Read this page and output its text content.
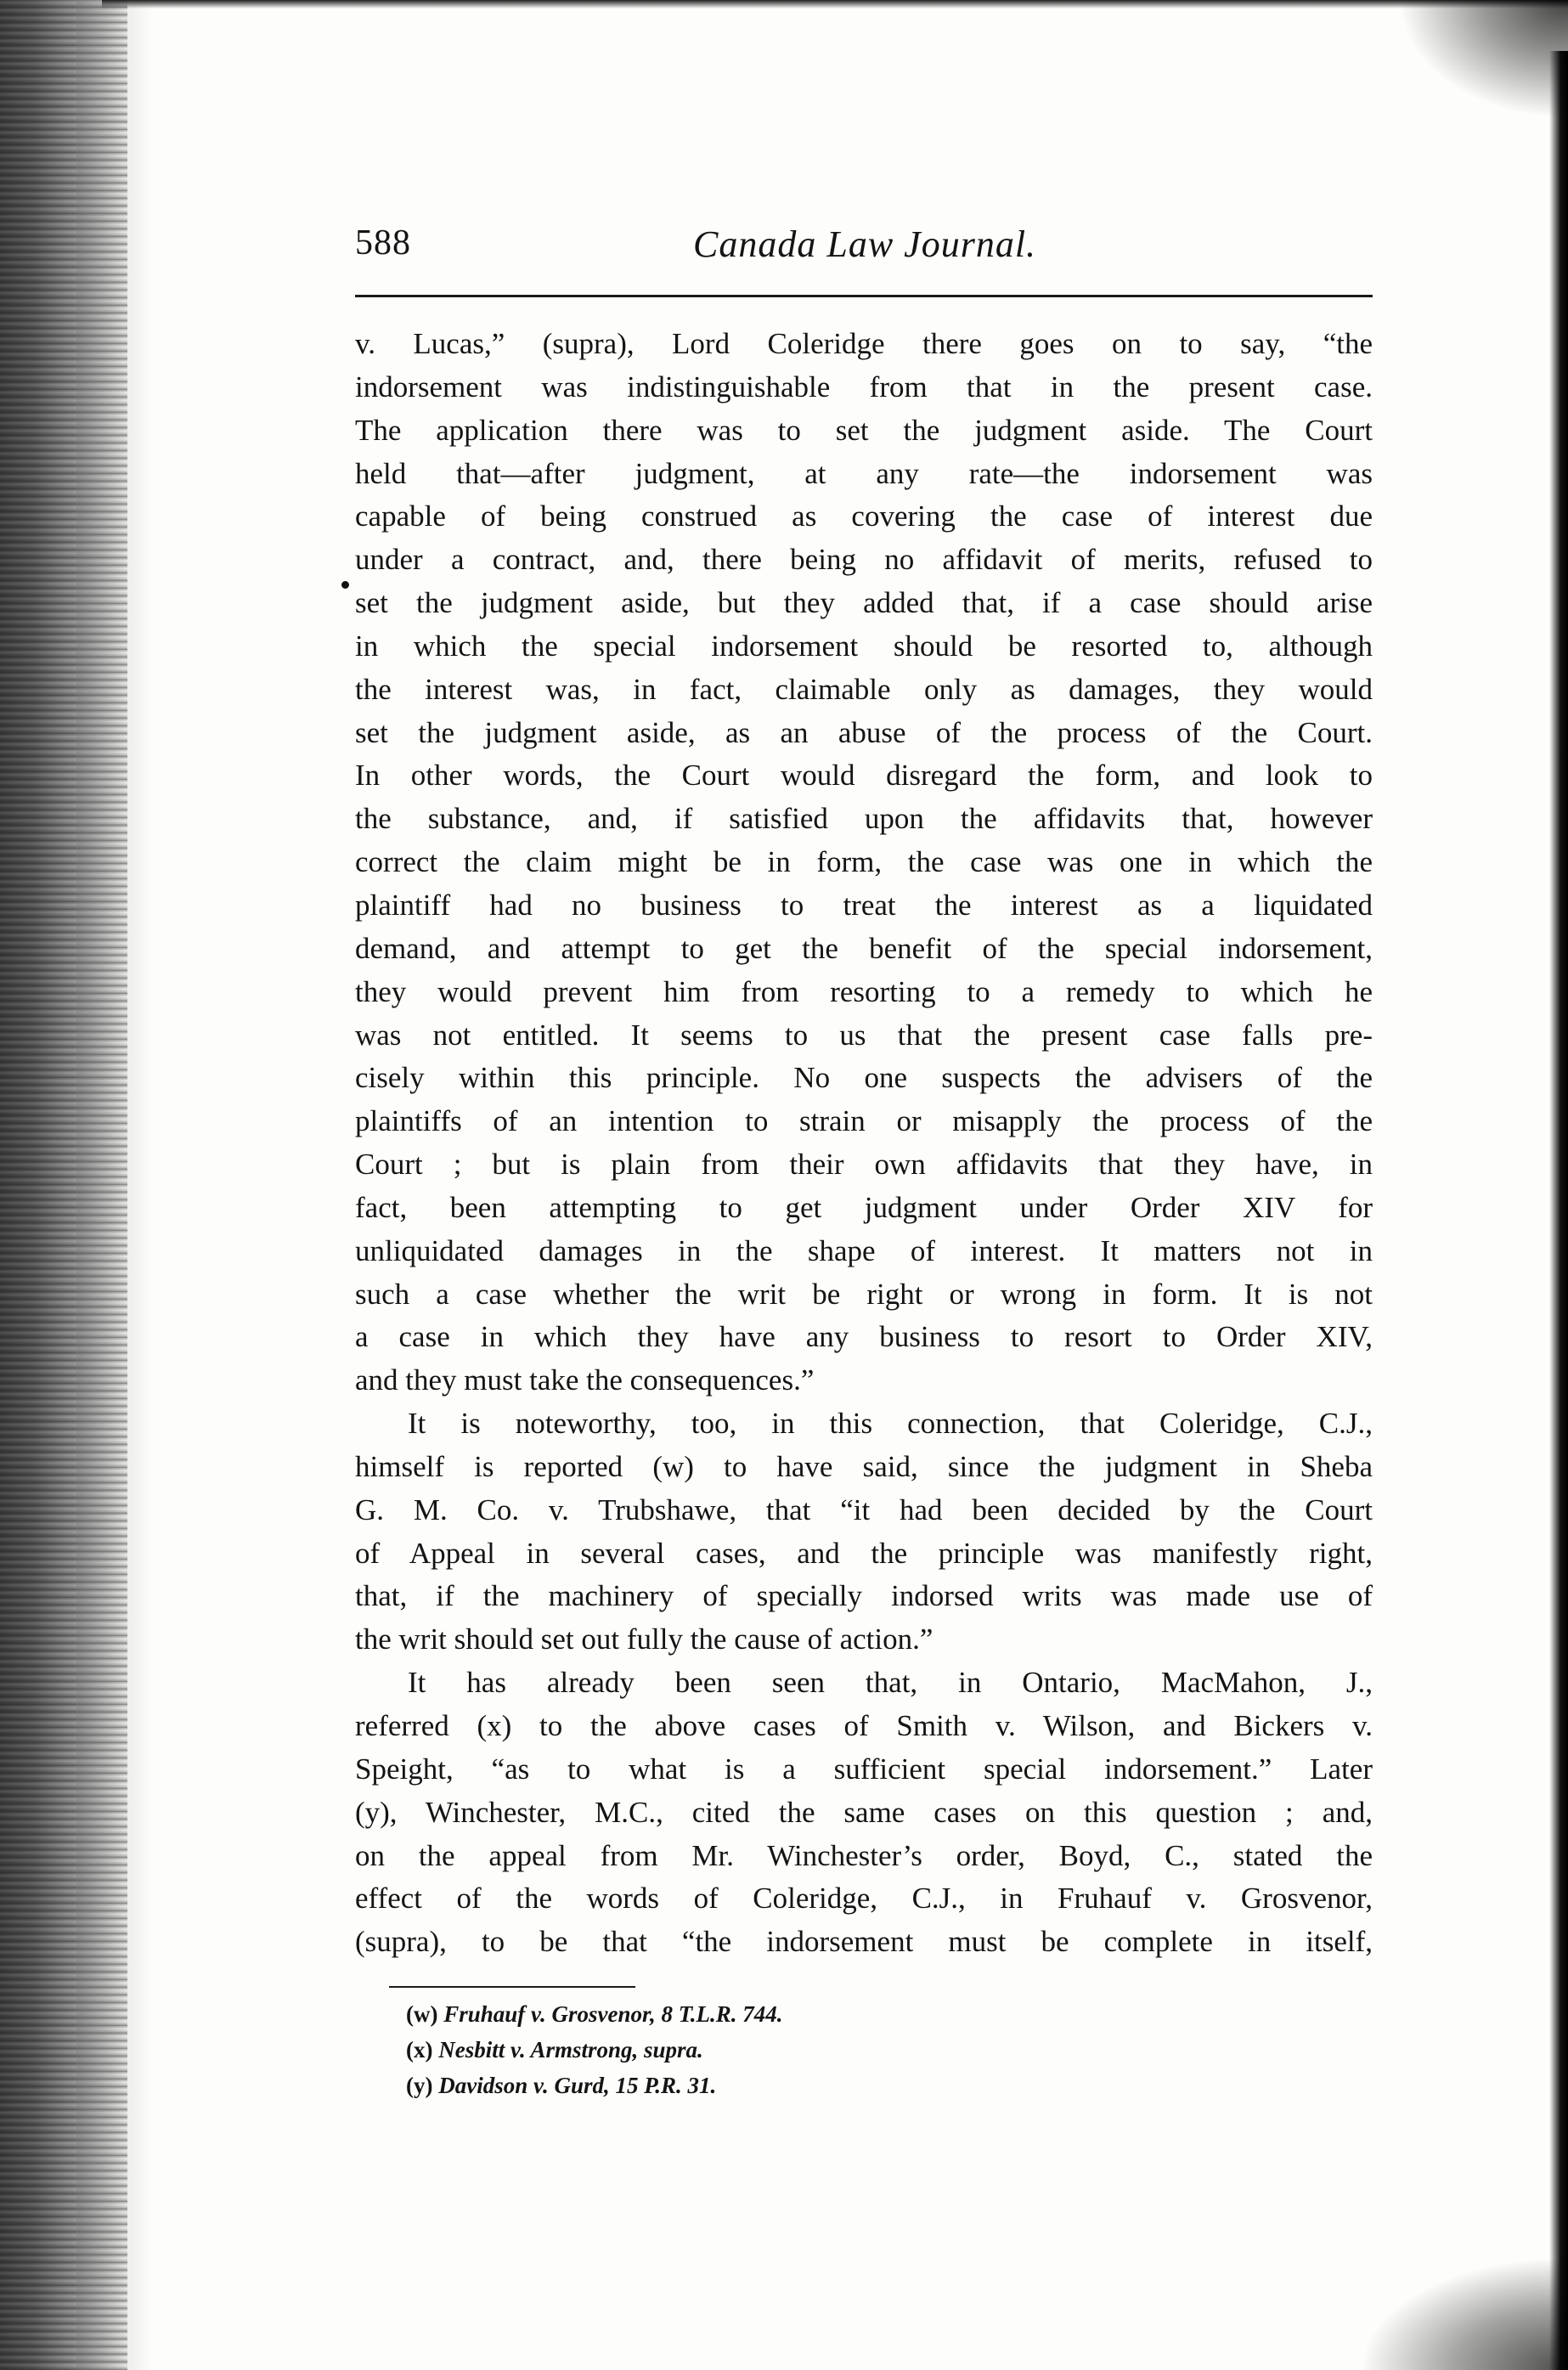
588	Canada Law Journal.
v. Lucas,” (supra), Lord Coleridge there goes on to say, “the
indorsement was indistinguishable from that in the present case.
The application there was to set the judgment aside. The Court
held that—after judgment, at any rate—the indorsement was
capable of being construed as covering the case of interest due
under a contract, and, there being no affidavit of merits, refused to
set the judgment aside, but they added that, if a case should arise
in which the special indorsement should be resorted to, although
the interest was, in fact, claimable only as damages, they would
set the judgment aside, as an abuse of the process of the Court.
In other words, the Court would disregard the form, and look to
the substance, and, if satisfied upon the affidavits that, however
correct the claim might be in form, the case was one in which the
plaintiff had no business to treat the interest as a liquidated
demand, and attempt to get the benefit of the special indorsement,
they would prevent him from resorting to a remedy to which he
was not entitled. It seems to us that the present case falls pre-
cisely within this principle. No one suspects the advisers of the
plaintiffs of an intention to strain or misapply the process of the
Court ; but is plain from their own affidavits that they have, in
fact, been attempting to get judgment under Order XIV for
unliquidated damages in the shape of interest. It matters not in
such a case whether the writ be right or wrong in form. It is not
a case in which they have any business to resort to Order XIV,
and they must take the consequences.”
It is noteworthy, too, in this connection, that Coleridge, C.J.,
himself is reported (w) to have said, since the judgment in Sheba
G. M. Co. v. Trubshawe, that “it had been decided by the Court
of Appeal in several cases, and the principle was manifestly right,
that, if the machinery of specially indorsed writs was made use of
the writ should set out fully the cause of action.”
It has already been seen that, in Ontario, MacMahon, J.,
referred (x) to the above cases of Smith v. Wilson, and Bickers v.
Speight, “as to what is a sufficient special indorsement.” Later
(y), Winchester, M.C., cited the same cases on this question ; and,
on the appeal from Mr. Winchester’s order, Boyd, C., stated the
effect of the words of Coleridge, C.J., in Fruhauf v. Grosvenor,
(supra), to be that “the indorsement must be complete in itself,
(w) Fruhauf v. Grosvenor, 8 T.L.R. 744.
(x) Nesbitt v. Armstrong, supra.
(y) Davidson v. Gurd, 15 P.R. 31.
